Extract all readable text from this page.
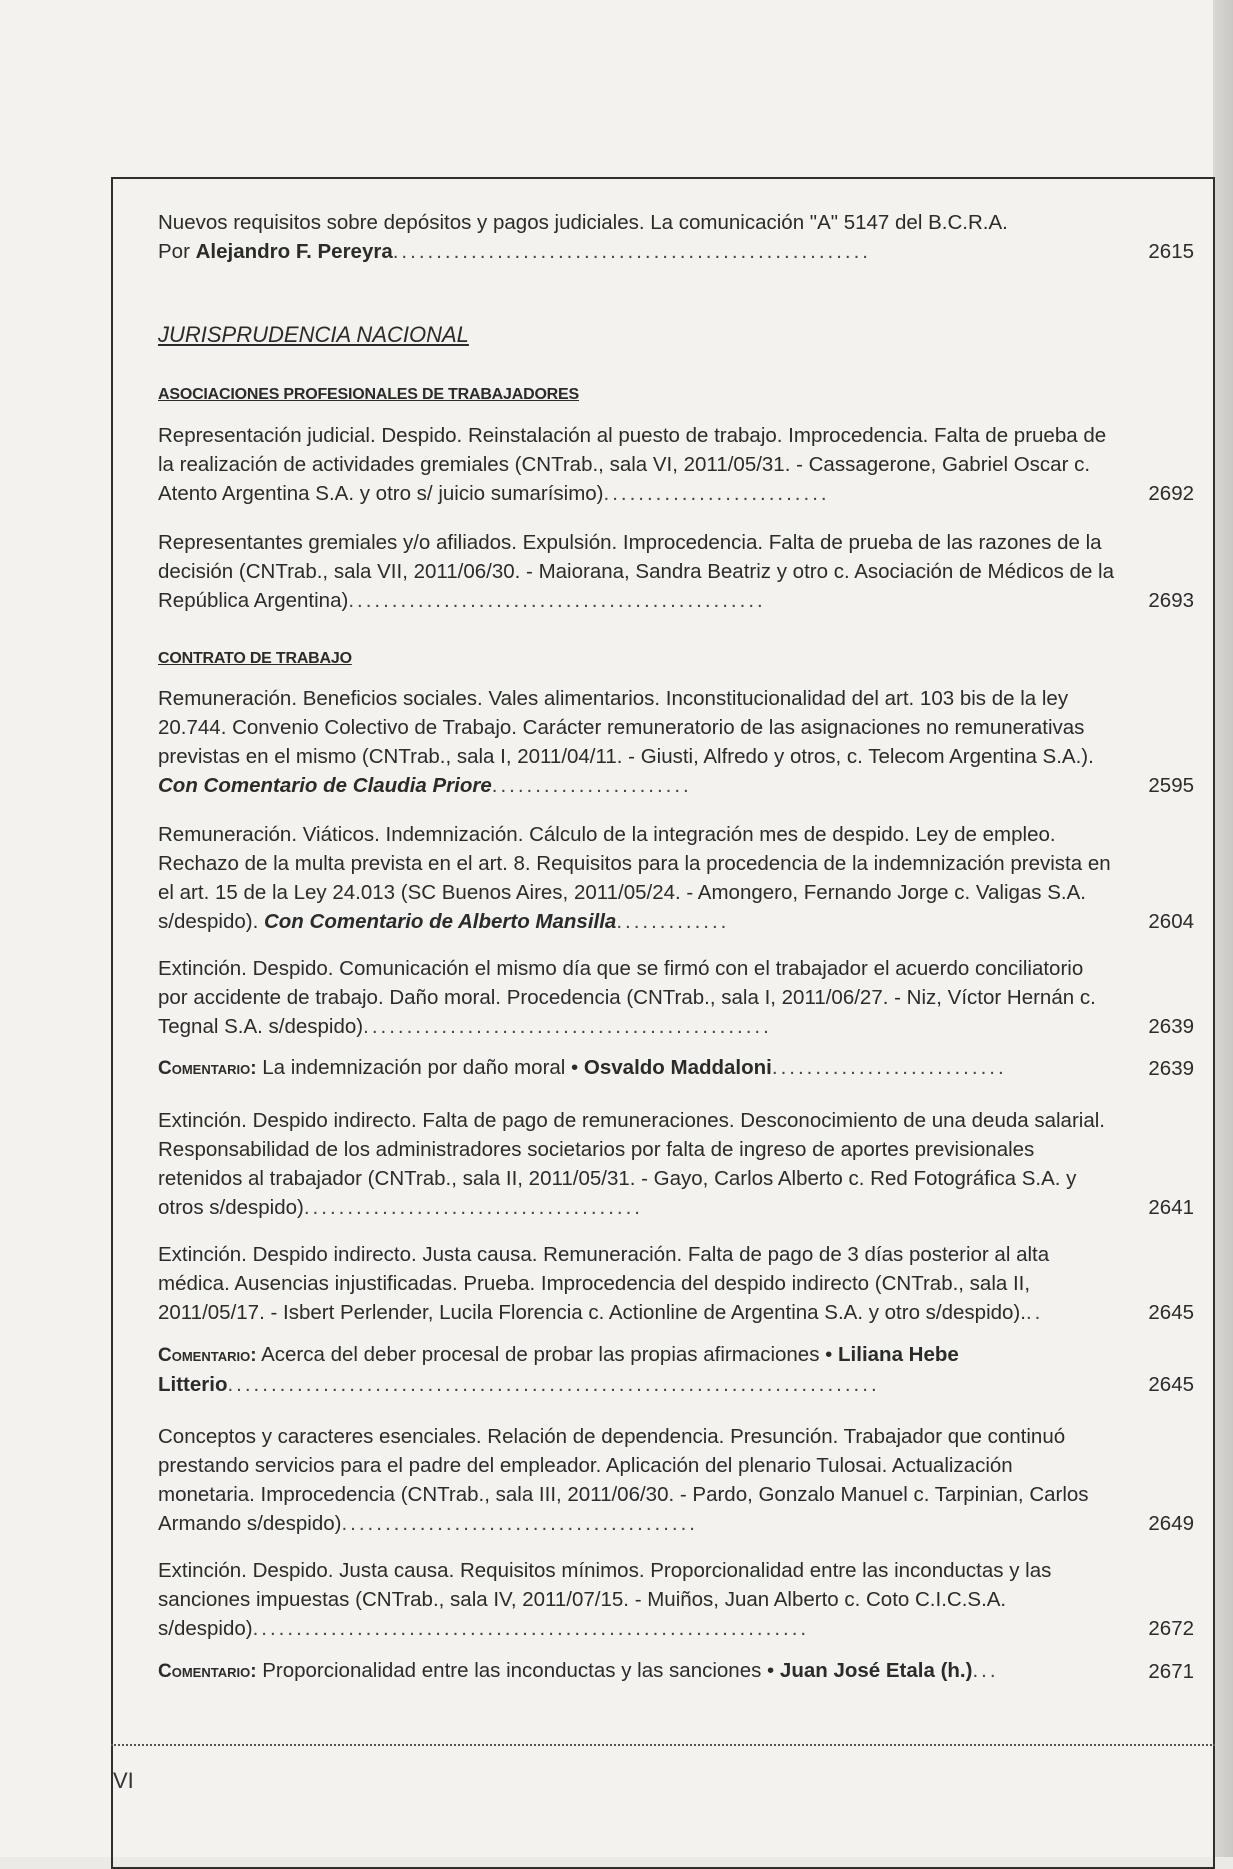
Nuevos requisitos sobre depósitos y pagos judiciales. La comunicación "A" 5147 del B.C.R.A.
Por Alejandro F. Pereyra.......................................................	2615

JURISPRUDENCIA NACIONAL

ASOCIACIONES PROFESIONALES DE TRABAJADORES

Representación judicial. Despido. Reinstalación al puesto de trabajo. Improcedencia. Falta de prueba de la realización de actividades gremiales (CNTrab., sala VI, 2011/05/31. - Cassagerone, Gabriel Oscar c. Atento Argentina S.A. y otro s/ juicio sumarísimo)..........................	2692
Representantes gremiales y/o afiliados. Expulsión. Improcedencia. Falta de prueba de las razones de la decisión (CNTrab., sala VII, 2011/06/30. - Maiorana, Sandra Beatriz y otro c. Asociación de Médicos de la República Argentina)................................................	2693

CONTRATO DE TRABAJO

Remuneración. Beneficios sociales. Vales alimentarios. Inconstitucionalidad del art. 103 bis de la ley 20.744. Convenio Colectivo de Trabajo. Carácter remuneratorio de las asignaciones no remunerativas previstas en el mismo (CNTrab., sala I, 2011/04/11. - Giusti, Alfredo y otros, c. Telecom Argentina S.A.). Con Comentario de Claudia Priore.......................	2595
Remuneración. Viáticos. Indemnización. Cálculo de la integración mes de despido. Ley de empleo. Rechazo de la multa prevista en el art. 8. Requisitos para la procedencia de la indemnización prevista en el art. 15 de la Ley 24.013 (SC Buenos Aires, 2011/05/24. - Amongero, Fernando Jorge c. Valigas S.A. s/despido). Con Comentario de Alberto Mansilla.............	2604
Extinción. Despido. Comunicación el mismo día que se firmó con el trabajador el acuerdo conciliatorio por accidente de trabajo. Daño moral. Procedencia (CNTrab., sala I, 2011/06/27. - Niz, Víctor Hernán c. Tegnal S.A. s/despido)...............................................	2639
Comentario: La indemnización por daño moral • Osvaldo Maddaloni...........................	2639
Extinción. Despido indirecto. Falta de pago de remuneraciones. Desconocimiento de una deuda salarial. Responsabilidad de los administradores societarios por falta de ingreso de aportes previsionales retenidos al trabajador (CNTrab., sala II, 2011/05/31. - Gayo, Carlos Alberto c. Red Fotográfica S.A. y otros s/despido).......................................	2641
Extinción. Despido indirecto. Justa causa. Remuneración. Falta de pago de 3 días posterior al alta médica. Ausencias injustificadas. Prueba. Improcedencia del despido indirecto (CNTrab., sala II, 2011/05/17. - Isbert Perlender, Lucila Florencia c. Actionline de Argentina S.A. y otro s/despido)...	2645
Comentario: Acerca del deber procesal de probar las propias afirmaciones • Liliana Hebe Litterio...........................................................................	2645
Conceptos y caracteres esenciales. Relación de dependencia. Presunción. Trabajador que continuó prestando servicios para el padre del empleador. Aplicación del plenario Tulosai. Actualización monetaria. Improcedencia (CNTrab., sala III, 2011/06/30. - Pardo, Gonzalo Manuel c. Tarpinian, Carlos Armando s/despido).........................................	2649
Extinción. Despido. Justa causa. Requisitos mínimos. Proporcionalidad entre las inconductas y las sanciones impuestas (CNTrab., sala IV, 2011/07/15. - Muiños, Juan Alberto c. Coto C.I.C.S.A. s/despido)................................................................	2672
Comentario: Proporcionalidad entre las inconductas y las sanciones • Juan José Etala (h.)...	2671
VI
